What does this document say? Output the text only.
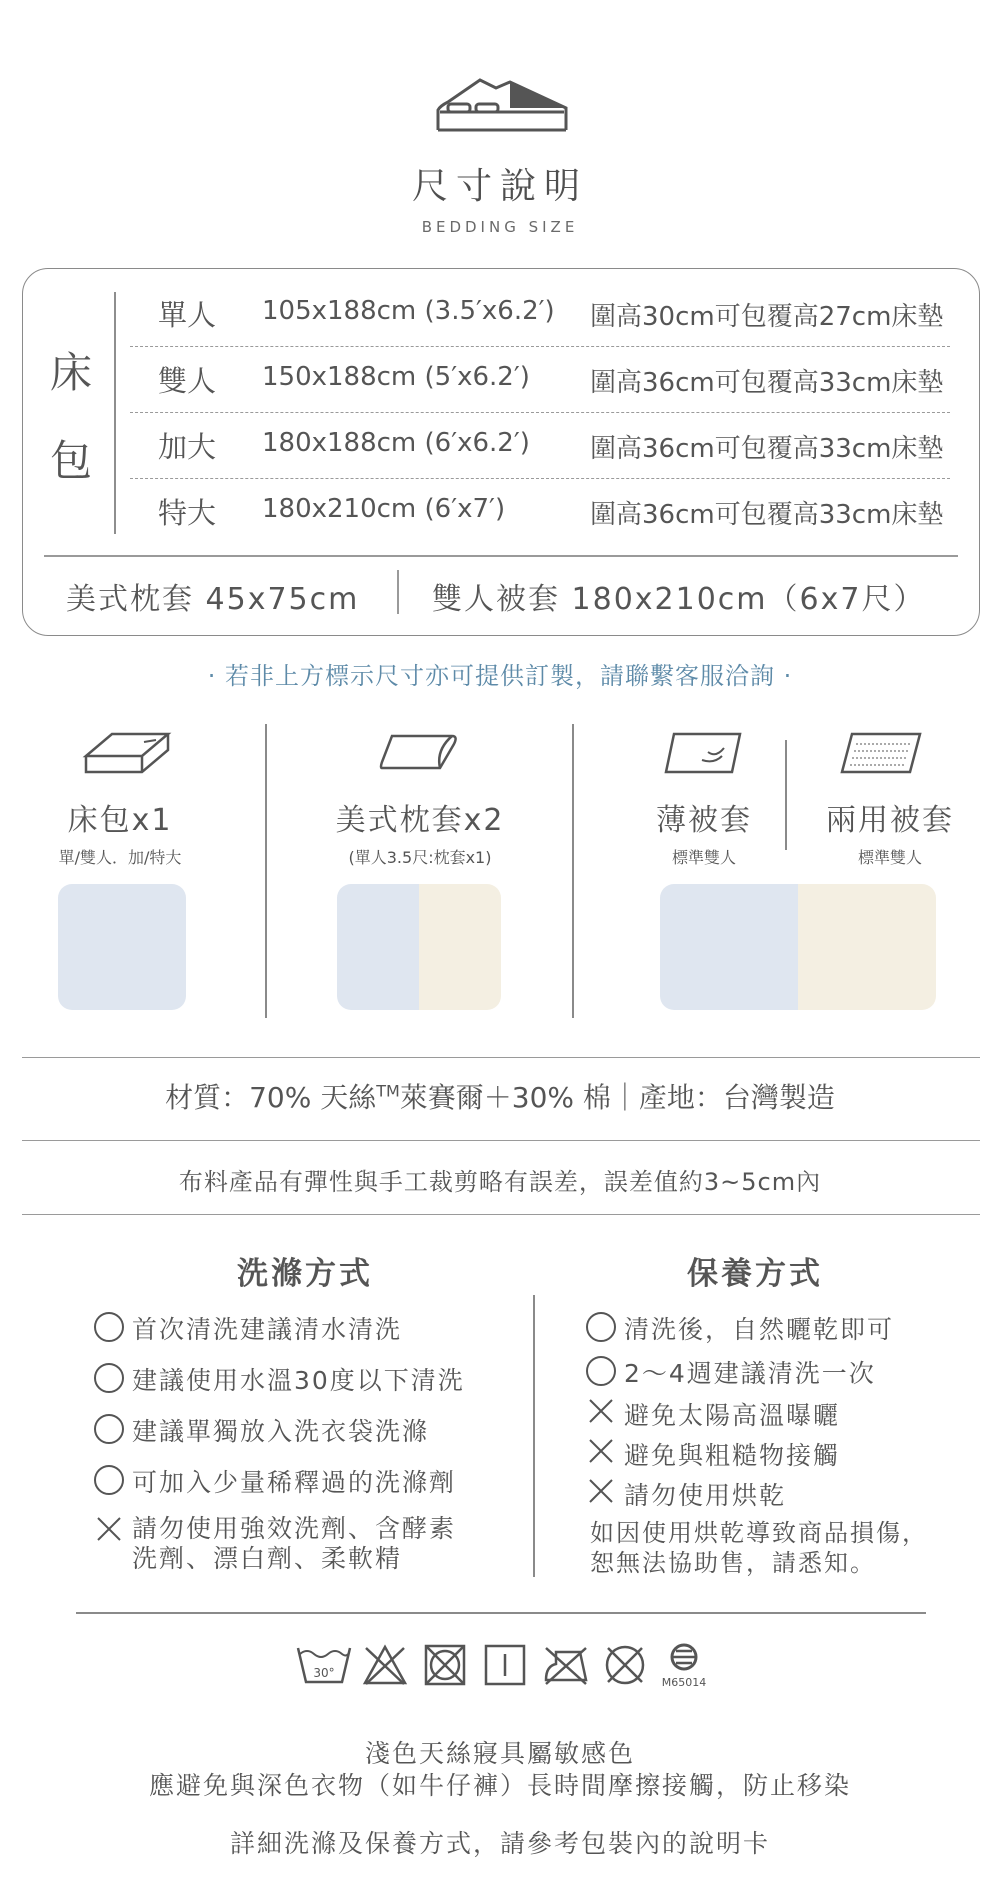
尺寸說明
BEDDING SIZE
床
包
單人 105x188cm (3.5′x6.2′) 圍高30cm可包覆高27cm床墊
雙人 150x188cm (5′x6.2′) 圍高36cm可包覆高33cm床墊
加大 180x188cm (6′x6.2′) 圍高36cm可包覆高33cm床墊
特大 180x210cm (6′x7′)	圍高36cm可包覆高33cm床墊
美式枕套 45x75cm 雙人被套 180x210cm（6x7尺）
· 若非上方標示尺寸亦可提供訂製，請聯繫客服洽詢 ·
床包x1
單/雙人．加/特大
美式枕套x2
(單人3.5尺:枕套x1)
薄被套
標準雙人
兩用被套
標準雙人
材質：70% 天絲™萊賽爾＋30% 棉｜產地：台灣製造
布料產品有彈性與手工裁剪略有誤差，誤差值約3~5cm內
洗滌方式	保養方式
首次清洗建議清水清洗
建議使用水溫30度以下清洗
建議單獨放入洗衣袋洗滌
可加入少量稀釋過的洗滌劑
請勿使用強效洗劑、含酵素
洗劑、漂白劑、柔軟精
清洗後，自然曬乾即可
2～4週建議清洗一次
避免太陽高溫曝曬
避免與粗糙物接觸
請勿使用烘乾
如因使用烘乾導致商品損傷，
恕無法協助售，請悉知。
30°
M65014
淺色天絲寢具屬敏感色
應避免與深色衣物（如牛仔褲）長時間摩擦接觸，防止移染
詳細洗滌及保養方式，請參考包裝內的說明卡
